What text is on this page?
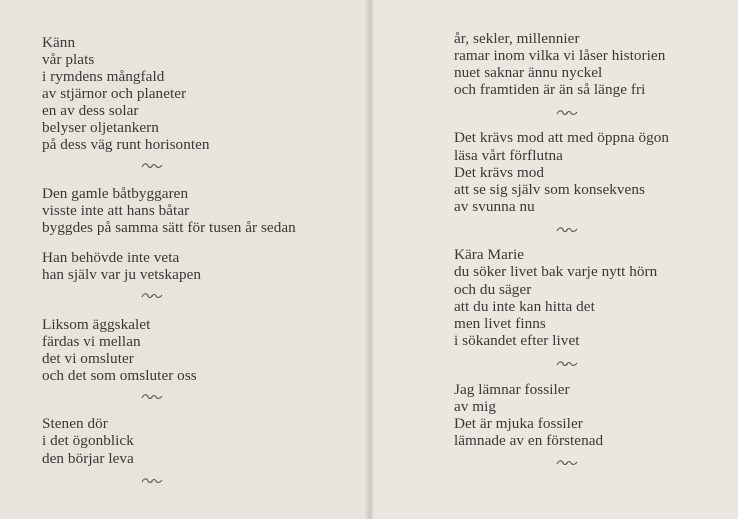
Känn
vår plats
i rymdens mångfald
av stjärnor och planeter
en av dess solar
belyser oljetankern
på dess väg runt horisonten
Den gamle båtbyggaren
visste inte att hans båtar
byggdes på samma sätt för tusen år sedan
Han behövde inte veta
han själv var ju vetskapen
Liksom äggskalet
färdas vi mellan
det vi omsluter
och det som omsluter oss
Stenen dör
i det ögonblick
den börjar leva
år, sekler, millennier
ramar inom vilka vi låser historien
nuet saknar ännu nyckel
och framtiden är än så länge fri
Det krävs mod att med öppna ögon
läsa vårt förflutna
Det krävs mod
att se sig själv som konsekvens
av svunna nu
Kära Marie
du söker livet bak varje nytt hörn
och du säger
att du inte kan hitta det
men livet finns
i sökandet efter livet
Jag lämnar fossiler
av mig
Det är mjuka fossiler
lämnade av en förstenad
